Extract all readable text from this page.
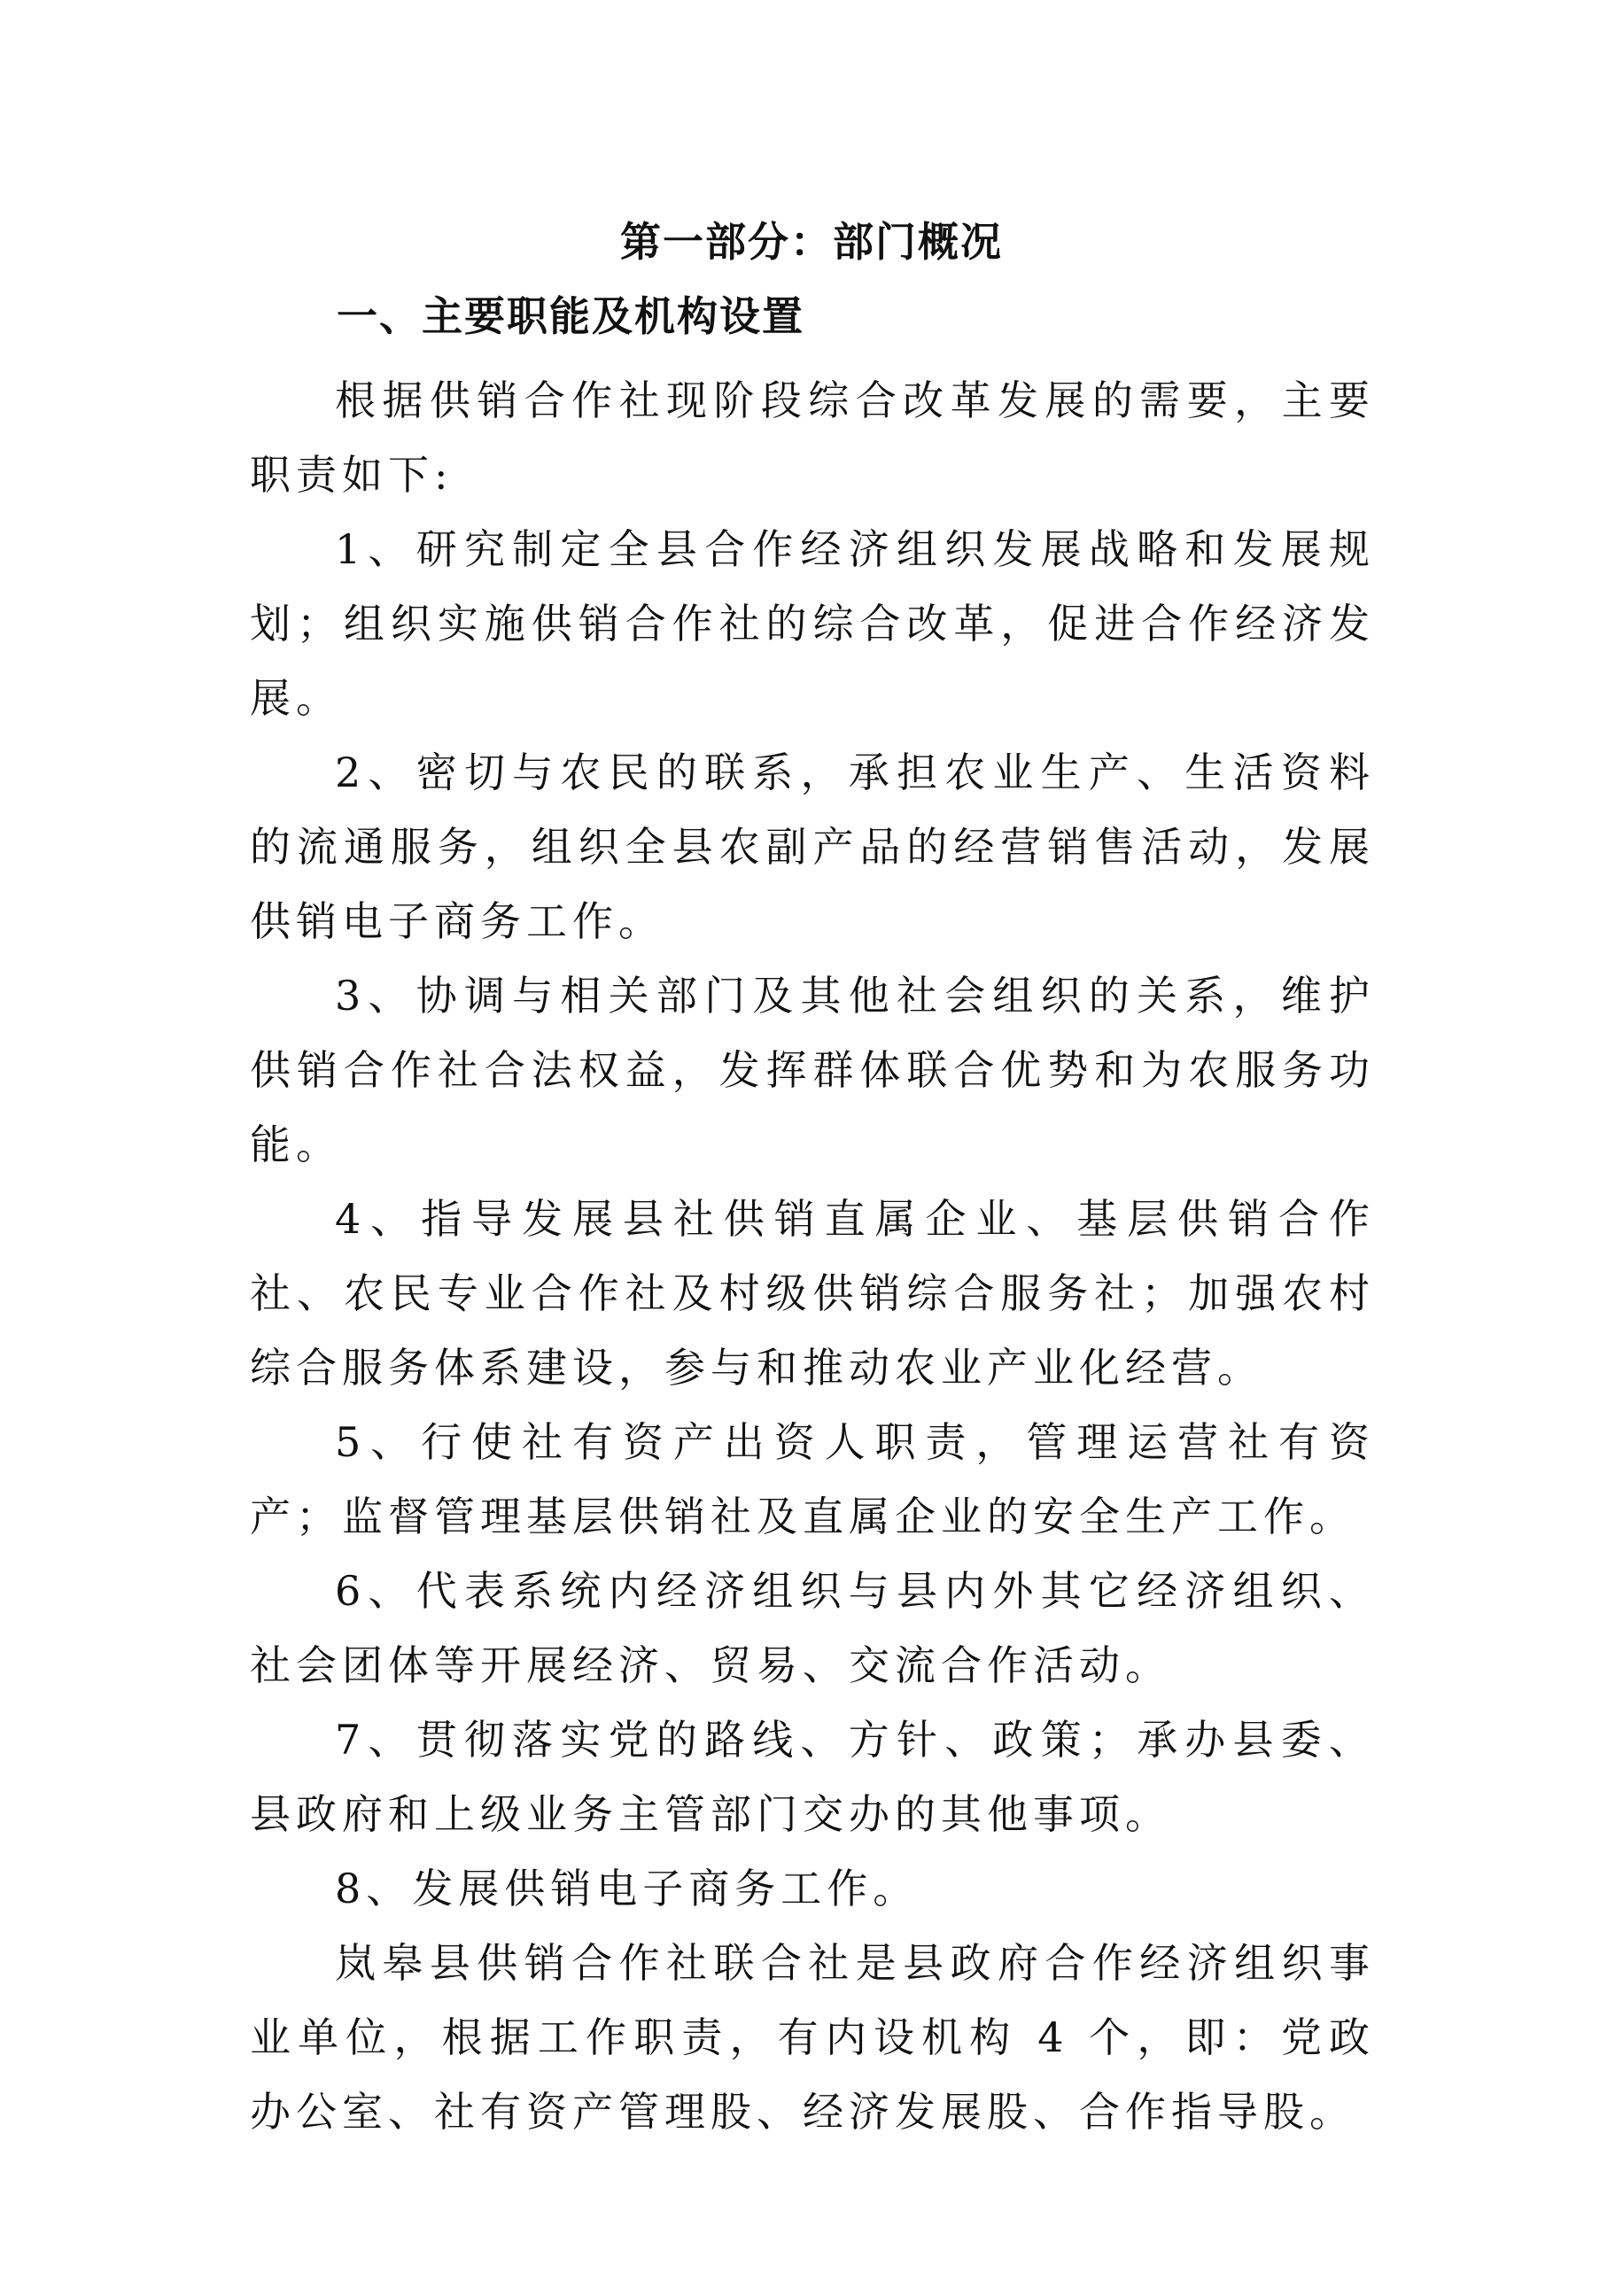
第一部分：部门概况
一、主要职能及机构设置

根据供销合作社现阶段综合改革发展的需要，主要职责如下:

1、研究制定全县合作经济组织发展战略和发展规划；组织实施供销合作社的综合改革，促进合作经济发展。

2、密切与农民的联系，承担农业生产、生活资料的流通服务，组织全县农副产品的经营销售活动，发展供销电子商务工作。

3、协调与相关部门及其他社会组织的关系，维护供销合作社合法权益，发挥群体联合优势和为农服务功能。

4、指导发展县社供销直属企业、基层供销合作社、农民专业合作社及村级供销综合服务社；加强农村综合服务体系建设，参与和推动农业产业化经营。

5、行使社有资产出资人职责，管理运营社有资产；监督管理基层供销社及直属企业的安全生产工作。

6、代表系统内经济组织与县内外其它经济组织、社会团体等开展经济、贸易、交流合作活动。

7、贯彻落实党的路线、方针、政策；承办县委、县政府和上级业务主管部门交办的其他事项。

8、发展供销电子商务工作。

岚皋县供销合作社联合社是县政府合作经济组织事业单位，根据工作职责，有内设机构 4 个，即：党政办公室、社有资产管理股、经济发展股、合作指导股。
